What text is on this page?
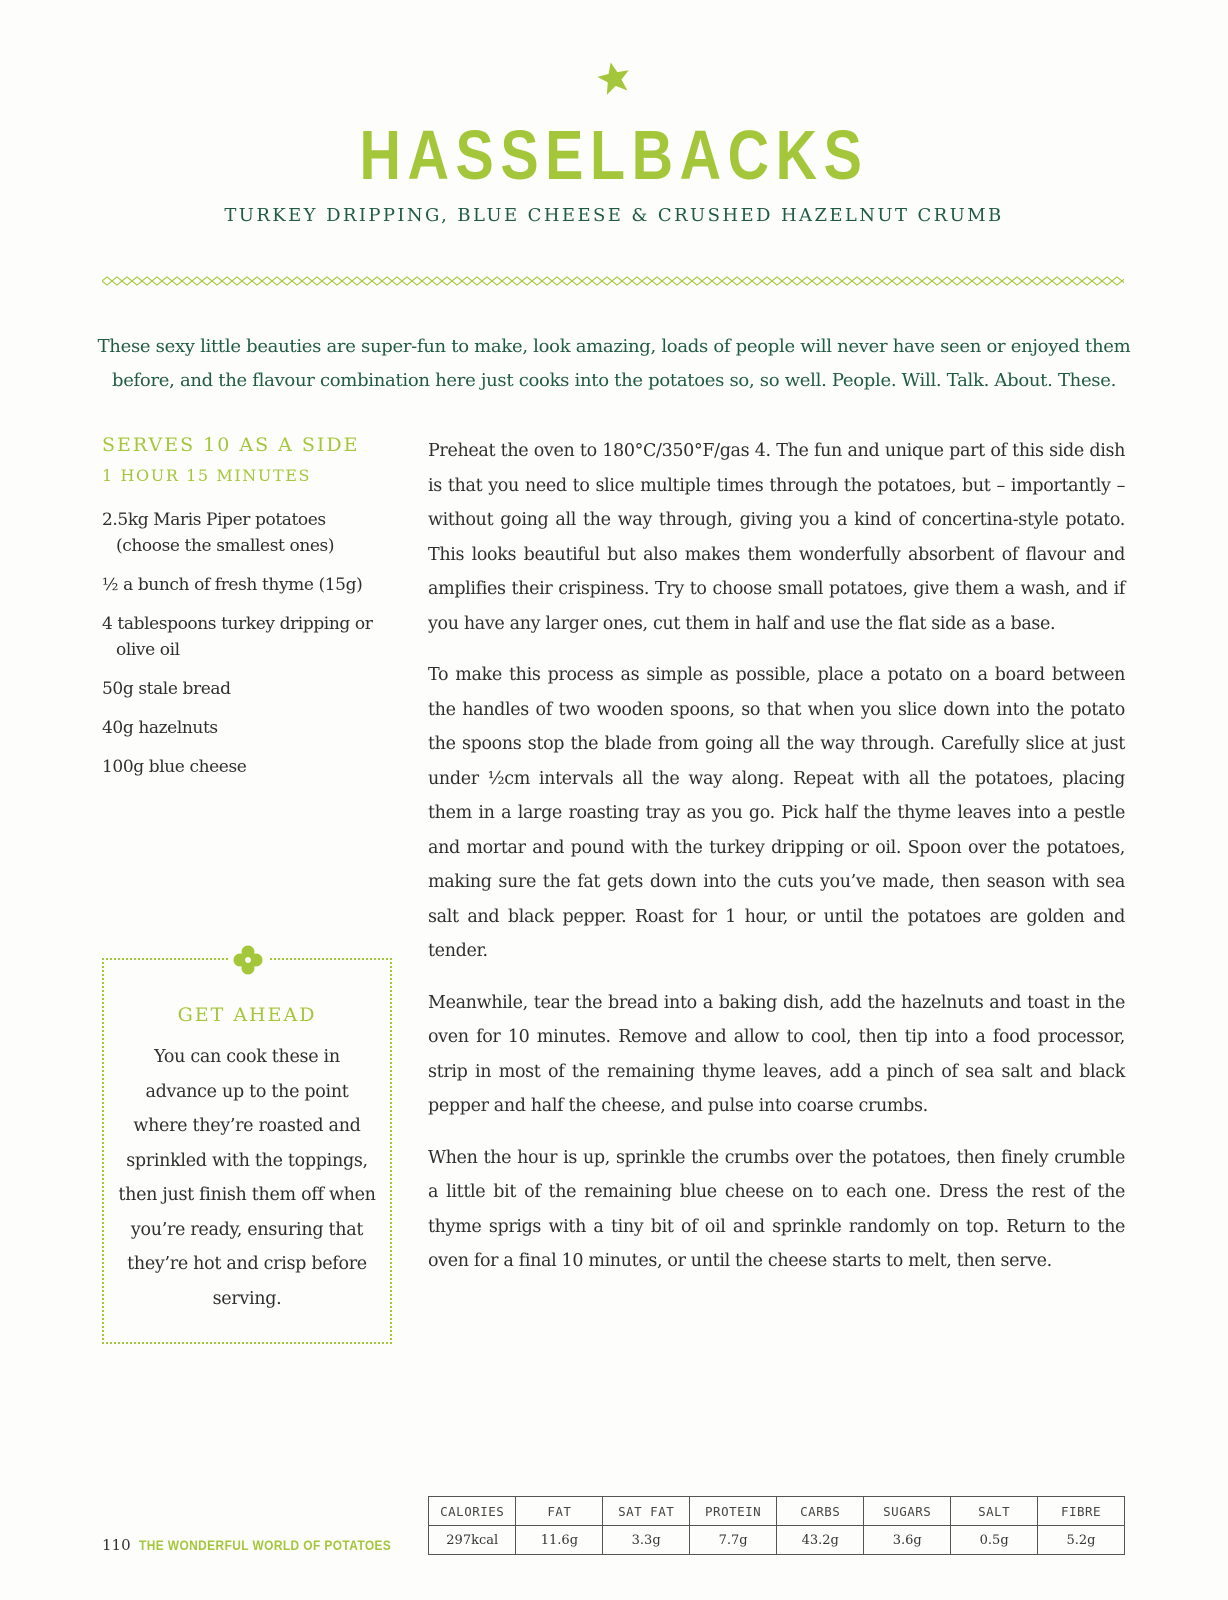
HASSELBACKS
TURKEY DRIPPING, BLUE CHEESE & CRUSHED HAZELNUT CRUMB

These sexy little beauties are super-fun to make, look amazing, loads of people will never have seen or enjoyed them before, and the flavour combination here just cooks into the potatoes so, so well. People. Will. Talk. About. These.

SERVES 10 AS A SIDE

1 HOUR 15 MINUTES

2.5kg Maris Piper potatoes (choose the smallest ones)
½ a bunch of fresh thyme (15g)
4 tablespoons turkey dripping or olive oil
50g stale bread
40g hazelnuts
100g blue cheese
GET AHEAD

You can cook these in advance up to the point where they’re roasted and sprinkled with the toppings, then just finish them off when you’re ready, ensuring that they’re hot and crisp before serving.

Preheat the oven to 180°C/350°F/gas 4. The fun and unique part of this side dish is that you need to slice multiple times through the potatoes, but – importantly – without going all the way through, giving you a kind of concertina-style potato. This looks beautiful but also makes them wonderfully absorbent of flavour and amplifies their crispiness. Try to choose small potatoes, give them a wash, and if you have any larger ones, cut them in half and use the flat side as a base.

To make this process as simple as possible, place a potato on a board between the handles of two wooden spoons, so that when you slice down into the potato the spoons stop the blade from going all the way through. Carefully slice at just under ½cm intervals all the way along. Repeat with all the potatoes, placing them in a large roasting tray as you go. Pick half the thyme leaves into a pestle and mortar and pound with the turkey dripping or oil. Spoon over the potatoes, making sure the fat gets down into the cuts you’ve made, then season with sea salt and black pepper. Roast for 1 hour, or until the potatoes are golden and tender.

Meanwhile, tear the bread into a baking dish, add the hazelnuts and toast in the oven for 10 minutes. Remove and allow to cool, then tip into a food processor, strip in most of the remaining thyme leaves, add a pinch of sea salt and black pepper and half the cheese, and pulse into coarse crumbs.

When the hour is up, sprinkle the crumbs over the potatoes, then finely crumble a little bit of the remaining blue cheese on to each one. Dress the rest of the thyme sprigs with a tiny bit of oil and sprinkle randomly on top. Return to the oven for a final 10 minutes, or until the cheese starts to melt, then serve.

110 THE WONDERFUL WORLD OF POTATOES

CALORIES	FAT	SAT FAT	PROTEIN	CARBS	SUGARS	SALT	FIBRE
297kcal	11.6g	3.3g	7.7g	43.2g	3.6g	0.5g	5.2g
